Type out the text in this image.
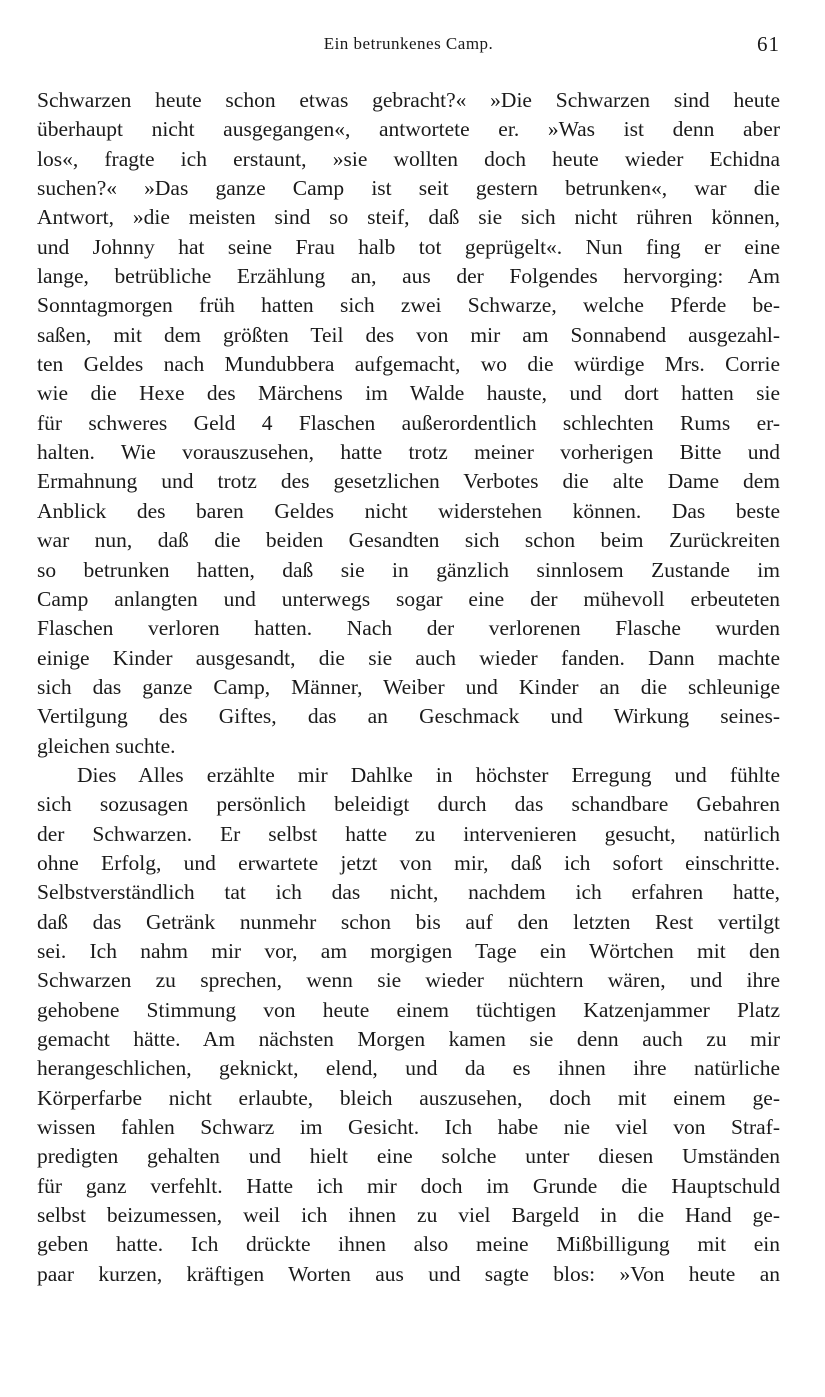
Ein betrunkenes Camp.	61
Schwarzen heute schon etwas gebracht?« »Die Schwarzen sind heute
überhaupt nicht ausgegangen«, antwortete er. »Was ist denn aber
los«, fragte ich erstaunt, »sie wollten doch heute wieder Echidna
suchen?« »Das ganze Camp ist seit gestern betrunken«, war die
Antwort, »die meisten sind so steif, daß sie sich nicht rühren können,
und Johnny hat seine Frau halb tot geprügelt«. Nun fing er eine
lange, betrübliche Erzählung an, aus der Folgendes hervorging: Am
Sonntagmorgen früh hatten sich zwei Schwarze, welche Pferde be-
saßen, mit dem größten Teil des von mir am Sonnabend ausgezahl-
ten Geldes nach Mundubbera aufgemacht, wo die würdige Mrs. Corrie
wie die Hexe des Märchens im Walde hauste, und dort hatten sie
für schweres Geld 4 Flaschen außerordentlich schlechten Rums er-
halten. Wie vorauszusehen, hatte trotz meiner vorherigen Bitte und
Ermahnung und trotz des gesetzlichen Verbotes die alte Dame dem
Anblick des baren Geldes nicht widerstehen können. Das beste
war nun, daß die beiden Gesandten sich schon beim Zurückreiten
so betrunken hatten, daß sie in gänzlich sinnlosem Zustande im
Camp anlangten und unterwegs sogar eine der mühevoll erbeuteten
Flaschen verloren hatten. Nach der verlorenen Flasche wurden
einige Kinder ausgesandt, die sie auch wieder fanden. Dann machte
sich das ganze Camp, Männer, Weiber und Kinder an die schleunige
Vertilgung des Giftes, das an Geschmack und Wirkung seines-
gleichen suchte.
Dies Alles erzählte mir Dahlke in höchster Erregung und fühlte
sich sozusagen persönlich beleidigt durch das schandbare Gebahren
der Schwarzen. Er selbst hatte zu intervenieren gesucht, natürlich
ohne Erfolg, und erwartete jetzt von mir, daß ich sofort einschritte.
Selbstverständlich tat ich das nicht, nachdem ich erfahren hatte,
daß das Getränk nunmehr schon bis auf den letzten Rest vertilgt
sei. Ich nahm mir vor, am morgigen Tage ein Wörtchen mit den
Schwarzen zu sprechen, wenn sie wieder nüchtern wären, und ihre
gehobene Stimmung von heute einem tüchtigen Katzenjammer Platz
gemacht hätte. Am nächsten Morgen kamen sie denn auch zu mir
herangeschlichen, geknickt, elend, und da es ihnen ihre natürliche
Körperfarbe nicht erlaubte, bleich auszusehen, doch mit einem ge-
wissen fahlen Schwarz im Gesicht. Ich habe nie viel von Straf-
predigten gehalten und hielt eine solche unter diesen Umständen
für ganz verfehlt. Hatte ich mir doch im Grunde die Hauptschuld
selbst beizumessen, weil ich ihnen zu viel Bargeld in die Hand ge-
geben hatte. Ich drückte ihnen also meine Mißbilligung mit ein
paar kurzen, kräftigen Worten aus und sagte blos: »Von heute an
